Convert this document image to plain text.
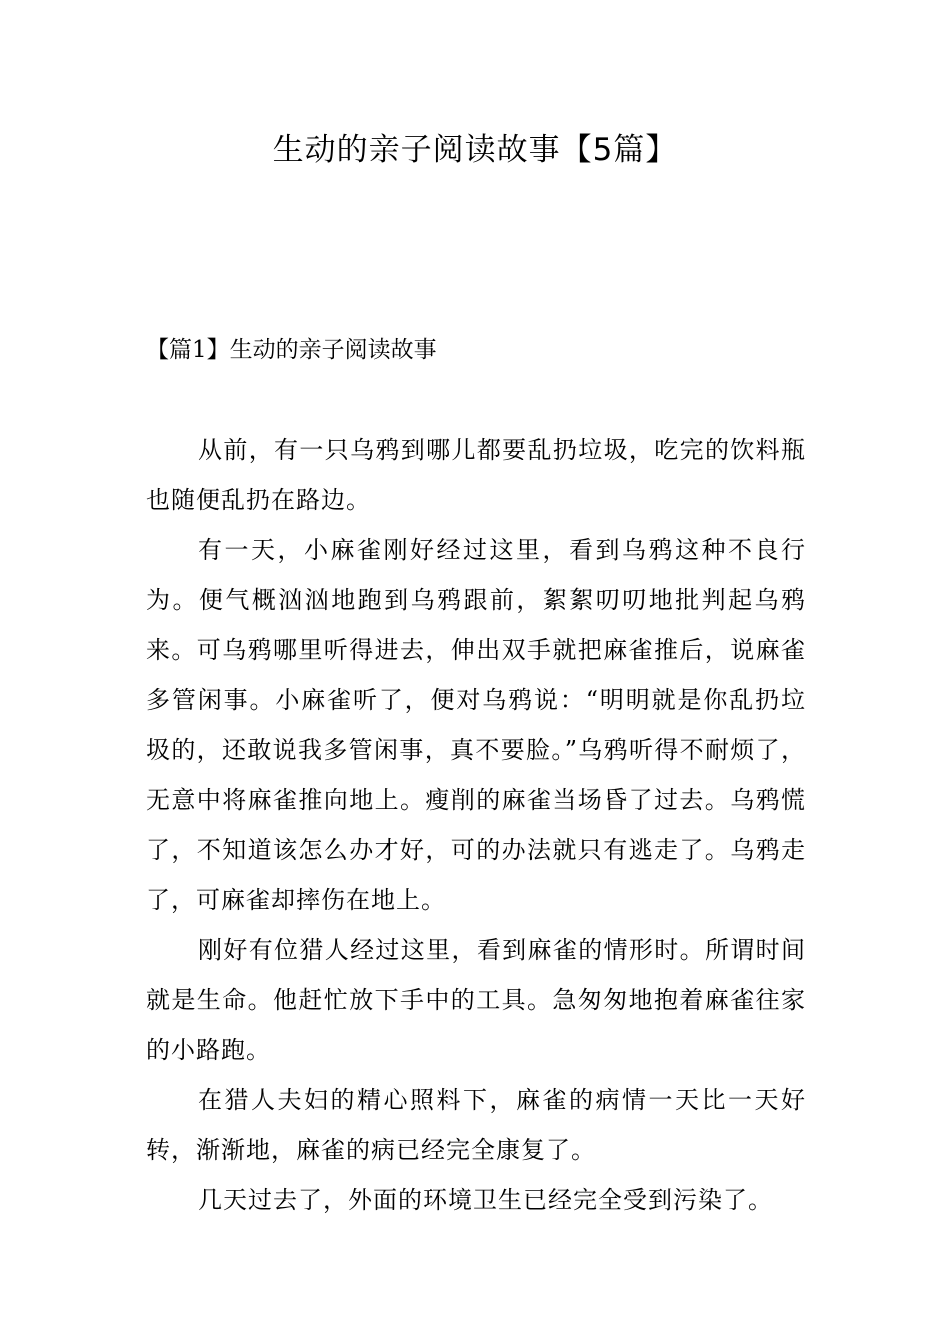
生动的亲子阅读故事【5篇】
【篇1】生动的亲子阅读故事

从前，有一只乌鸦到哪儿都要乱扔垃圾，吃完的饮料瓶也随便乱扔在路边。

有一天，小麻雀刚好经过这里，看到乌鸦这种不良行为。便气概汹汹地跑到乌鸦跟前，絮絮叨叨地批判起乌鸦来。可乌鸦哪里听得进去，伸出双手就把麻雀推后，说麻雀多管闲事。小麻雀听了，便对乌鸦说：“明明就是你乱扔垃圾的，还敢说我多管闲事，真不要脸。”乌鸦听得不耐烦了，无意中将麻雀推向地上。瘦削的麻雀当场昏了过去。乌鸦慌了，不知道该怎么办才好，可的办法就只有逃走了。乌鸦走了，可麻雀却摔伤在地上。

刚好有位猎人经过这里，看到麻雀的情形时。所谓时间就是生命。他赶忙放下手中的工具。急匆匆地抱着麻雀往家的小路跑。

在猎人夫妇的精心照料下，麻雀的病情一天比一天好转，渐渐地，麻雀的病已经完全康复了。

几天过去了，外面的环境卫生已经完全受到污染了。
